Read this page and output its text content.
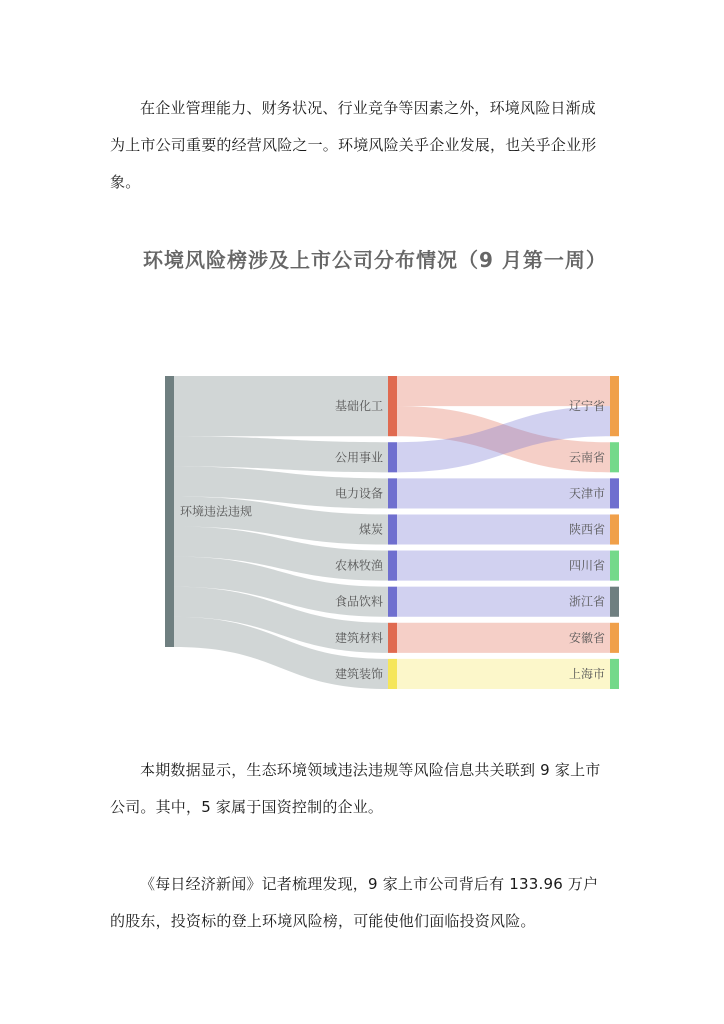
在企业管理能力、财务状况、行业竞争等因素之外，环境风险日渐成为上市公司重要的经营风险之一。环境风险关乎企业发展，也关乎企业形象。

环境风险榜涉及上市公司分布情况（9 月第一周）
环境违法违规
基础化工
公用事业
电力设备
煤炭
农林牧渔
食品饮料
建筑材料
建筑装饰
辽宁省
云南省
天津市
陕西省
四川省
浙江省
安徽省
上海市

本期数据显示，生态环境领域违法违规等风险信息共关联到 9 家上市公司。其中，5 家属于国资控制的企业。

《每日经济新闻》记者梳理发现，9 家上市公司背后有 133.96 万户的股东，投资标的登上环境风险榜，可能使他们面临投资风险。
